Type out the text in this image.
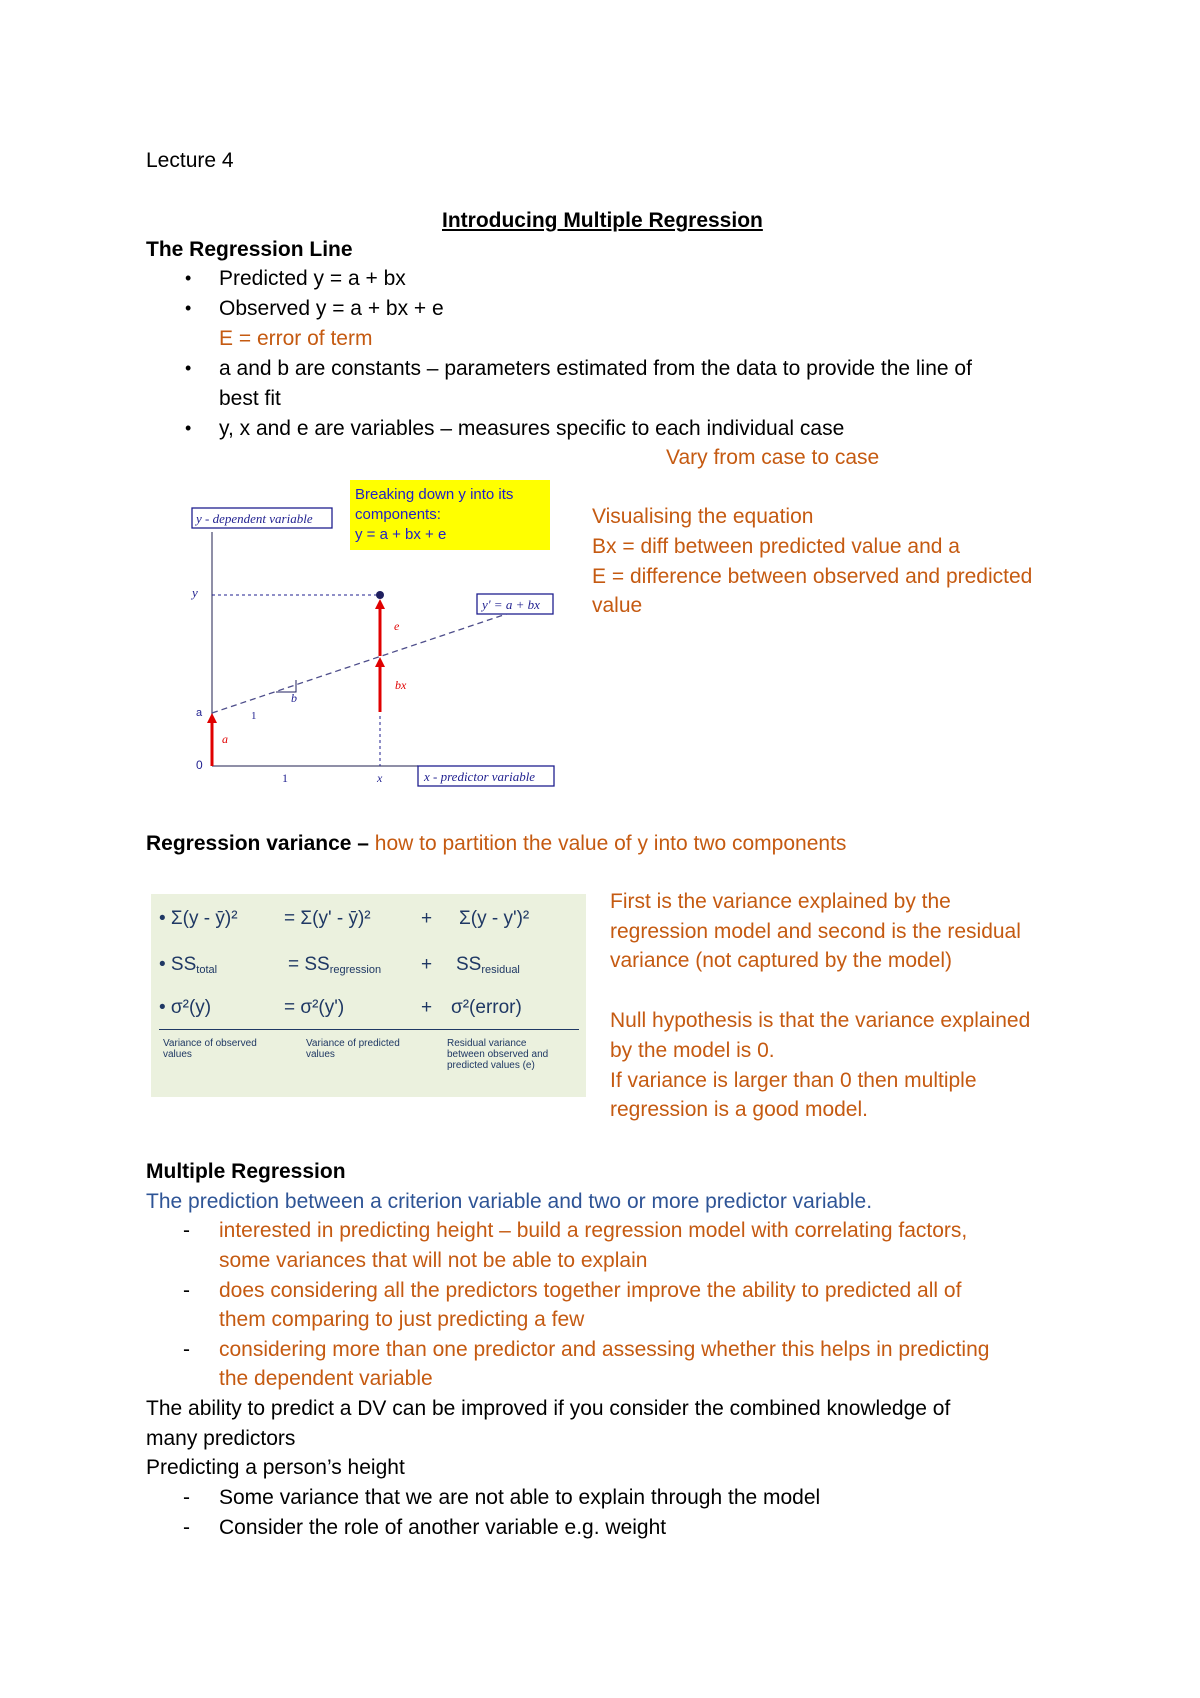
Lecture 4
Introducing Multiple Regression
The Regression Line
• Predicted y = a + bx
• Observed y = a + bx + e
E = error of term
• a and b are constants – parameters estimated from the data to provide the line of
best fit
• y, x and e are variables – measures specific to each individual case
Vary from case to case
Breaking down y into its
components:
y = a + bx + e
y - dependent variable
x - predictor variable
y' = a + bx
y
a
0
1	x
b
1
e
bx
a
Visualising the equation
Bx = diff between predicted value and a
E = difference between observed and predicted
value
Regression variance – how to partition the value of y into two components
• Σ(y - ȳ)² = Σ(y' - ȳ)²	+ Σ(y - y')²
• $SS_{total}$	= $SS_{regression} + SS_{residual}$
• σ²(y)	= σ²(y')	+ σ²(error)
Variance of observed
values
Variance of predicted
values
Residual variance
between observed and
predicted values (e)
First is the variance explained by the
regression model and second is the residual
variance (not captured by the model)
Null hypothesis is that the variance explained
by the model is 0.
If variance is larger than 0 then multiple
regression is a good model.
Multiple Regression
The prediction between a criterion variable and two or more predictor variable.
- interested in predicting height – build a regression model with correlating factors,
some variances that will not be able to explain
- does considering all the predictors together improve the ability to predicted all of
them comparing to just predicting a few
- considering more than one predictor and assessing whether this helps in predicting
the dependent variable
The ability to predict a DV can be improved if you consider the combined knowledge of
many predictors
Predicting a person’s height
- Some variance that we are not able to explain through the model
- Consider the role of another variable e.g. weight
